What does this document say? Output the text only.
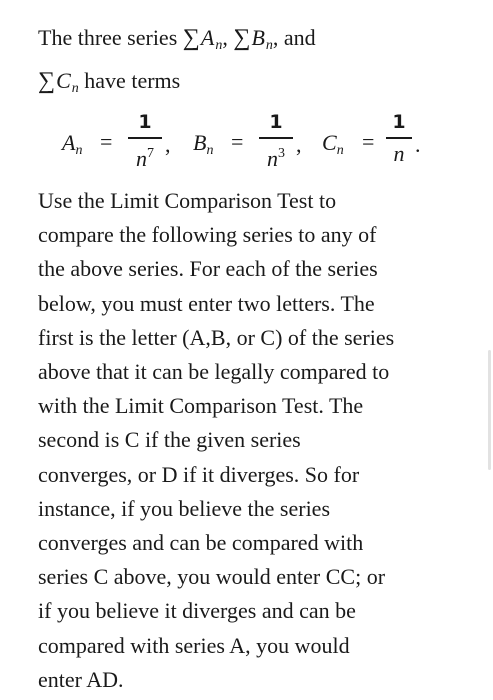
The three series $\sum A_n$, $\sum B_n$, and
$\sum C_n$ have terms
$A_n$ =
1
$n^7$ , $B_n$ =
1
$n^3$ , $C_n$ =
1
n .
Use the Limit Comparison Test to
compare the following series to any of
the above series. For each of the series
below, you must enter two letters. The
first is the letter (A,B, or C) of the series
above that it can be legally compared to
with the Limit Comparison Test. The
second is C if the given series
converges, or D if it diverges. So for
instance, if you believe the series
converges and can be compared with
series C above, you would enter CC; or
if you believe it diverges and can be
compared with series A, you would
enter AD.
